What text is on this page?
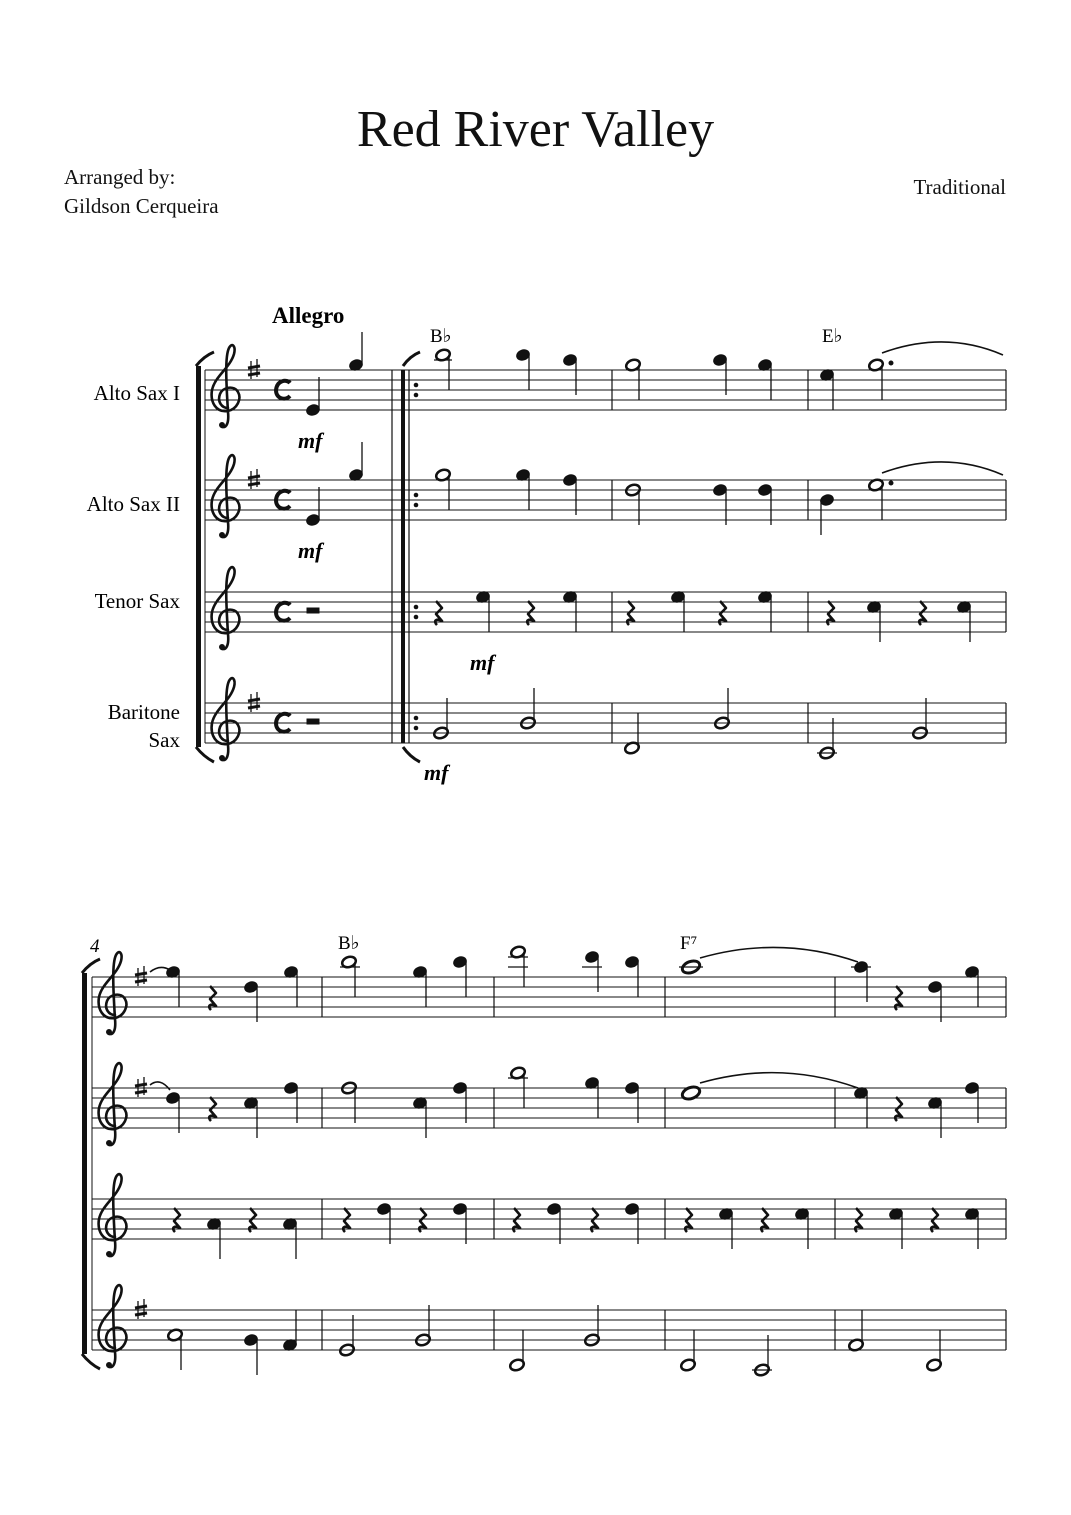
Red River Valley
Arranged by:
Gildson Cerqueira
Traditional
Allegro
Alto Sax I
Alto Sax II
Tenor Sax
Baritone
Sax
B♭	E♭
mf
mf
mf
mf
4	B♭	F⁷
